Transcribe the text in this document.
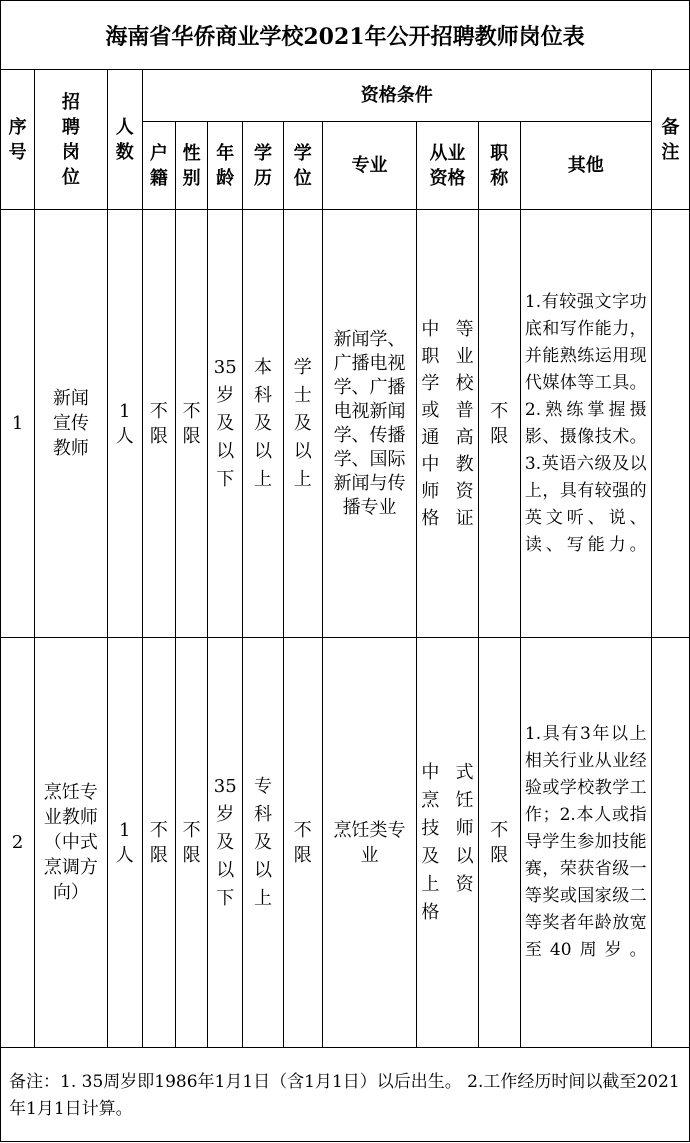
海南省华侨商业学校2021年公开招聘教师岗位表
序号	招聘岗位	人数	资格条件									备注
			户籍	性别	年龄	学历	学位	专业	从业资格	职称	其他	
1	新闻宣传教师	1人	不限	不限	35岁及以下	本科及以上	学士及以上	新闻学、广播电视学、广播电视新闻学、传播学、国际新闻与传播专业	中等职业学校或普通高中教师资格证	不限	1.有较强文字功底和写作能力，并能熟练运用现代媒体等工具。2.熟练掌握摄影、摄像技术。3.英语六级及以上，具有较强的英文听、说、读、写能力。	
2	烹饪专业教师（中式烹调方向）	1人	不限	不限	35岁及以下	专科及以上	不限	烹饪类专业	中式烹饪技师及以上资格	不限	1.具有3年以上相关行业从业经验或学校教学工作；2.本人或指导学生参加技能赛，荣获省级一等奖或国家级二等奖者年龄放宽至40周岁。	
备注：1. 35周岁即1986年1月1日（含1月1日）以后出生。 2.工作经历时间以截至2021年1月1日计算。
